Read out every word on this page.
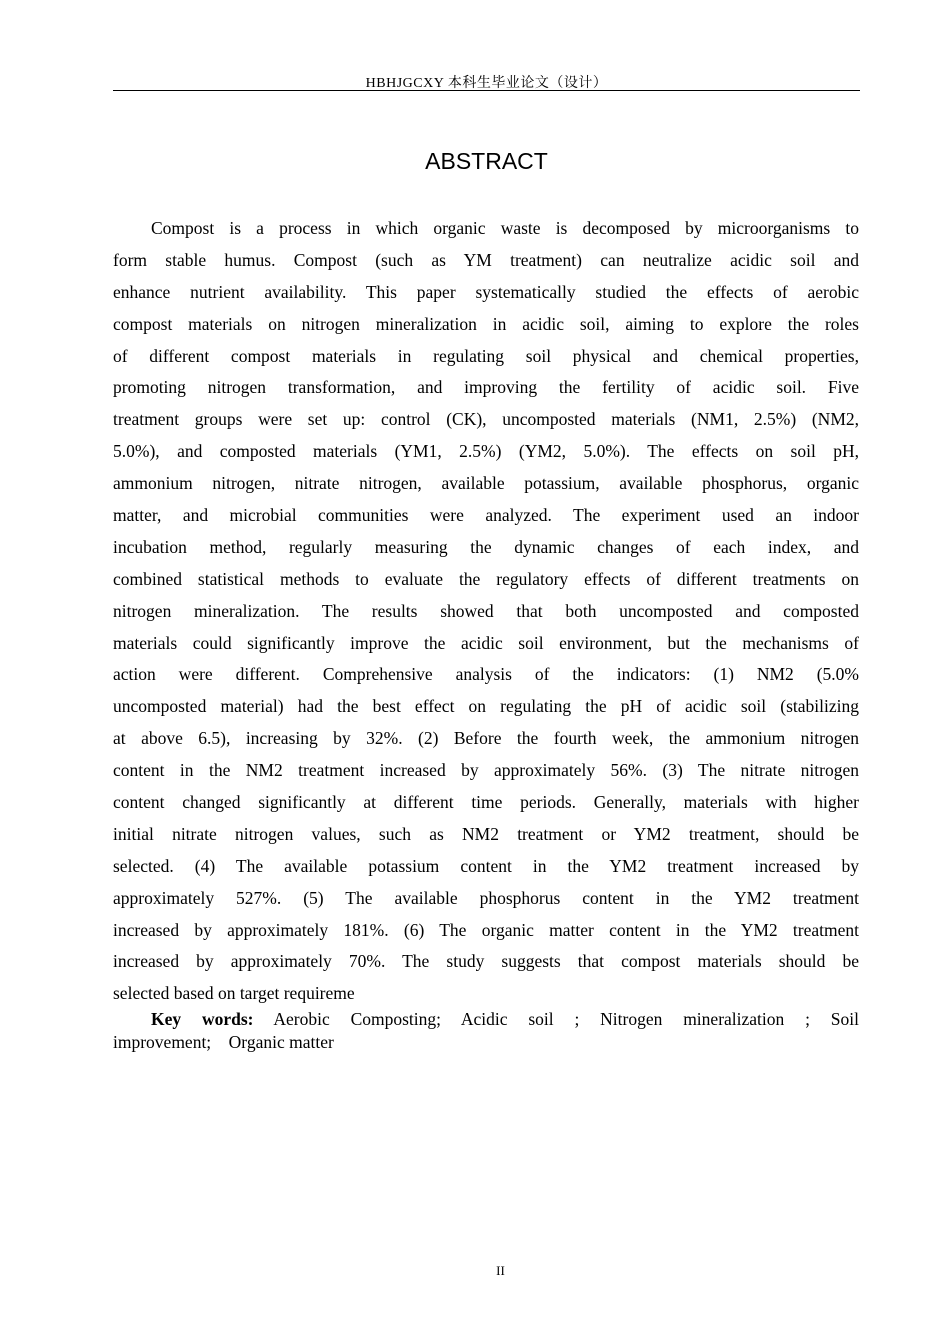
HBHJGCXY 本科生毕业论文（设计）
ABSTRACT
Compost is a process in which organic waste is decomposed by microorganisms to
form stable humus. Compost (such as YM treatment) can neutralize acidic soil and
enhance nutrient availability. This paper systematically studied the effects of aerobic
compost materials on nitrogen mineralization in acidic soil, aiming to explore the roles
of different compost materials in regulating soil physical and chemical properties,
promoting nitrogen transformation, and improving the fertility of acidic soil. Five
treatment groups were set up: control (CK), uncomposted materials (NM1, 2.5%) (NM2,
5.0%), and composted materials (YM1, 2.5%) (YM2, 5.0%). The effects on soil pH,
ammonium nitrogen, nitrate nitrogen, available potassium, available phosphorus, organic
matter, and microbial communities were analyzed. The experiment used an indoor
incubation method, regularly measuring the dynamic changes of each index, and
combined statistical methods to evaluate the regulatory effects of different treatments on
nitrogen mineralization. The results showed that both uncomposted and composted
materials could significantly improve the acidic soil environment, but the mechanisms of
action were different. Comprehensive analysis of the indicators: (1) NM2 (5.0%
uncomposted material) had the best effect on regulating the pH of acidic soil (stabilizing
at above 6.5), increasing by 32%. (2) Before the fourth week, the ammonium nitrogen
content in the NM2 treatment increased by approximately 56%. (3) The nitrate nitrogen
content changed significantly at different time periods. Generally, materials with higher
initial nitrate nitrogen values, such as NM2 treatment or YM2 treatment, should be
selected. (4) The available potassium content in the YM2 treatment increased by
approximately 527%. (5) The available phosphorus content in the YM2 treatment
increased by approximately 181%. (6) The organic matter content in the YM2 treatment
increased by approximately 70%. The study suggests that compost materials should be
selected based on target requireme
Key words: Aerobic Composting; Acidic soil ; Nitrogen mineralization ; Soil
improvement;　Organic matter
II
